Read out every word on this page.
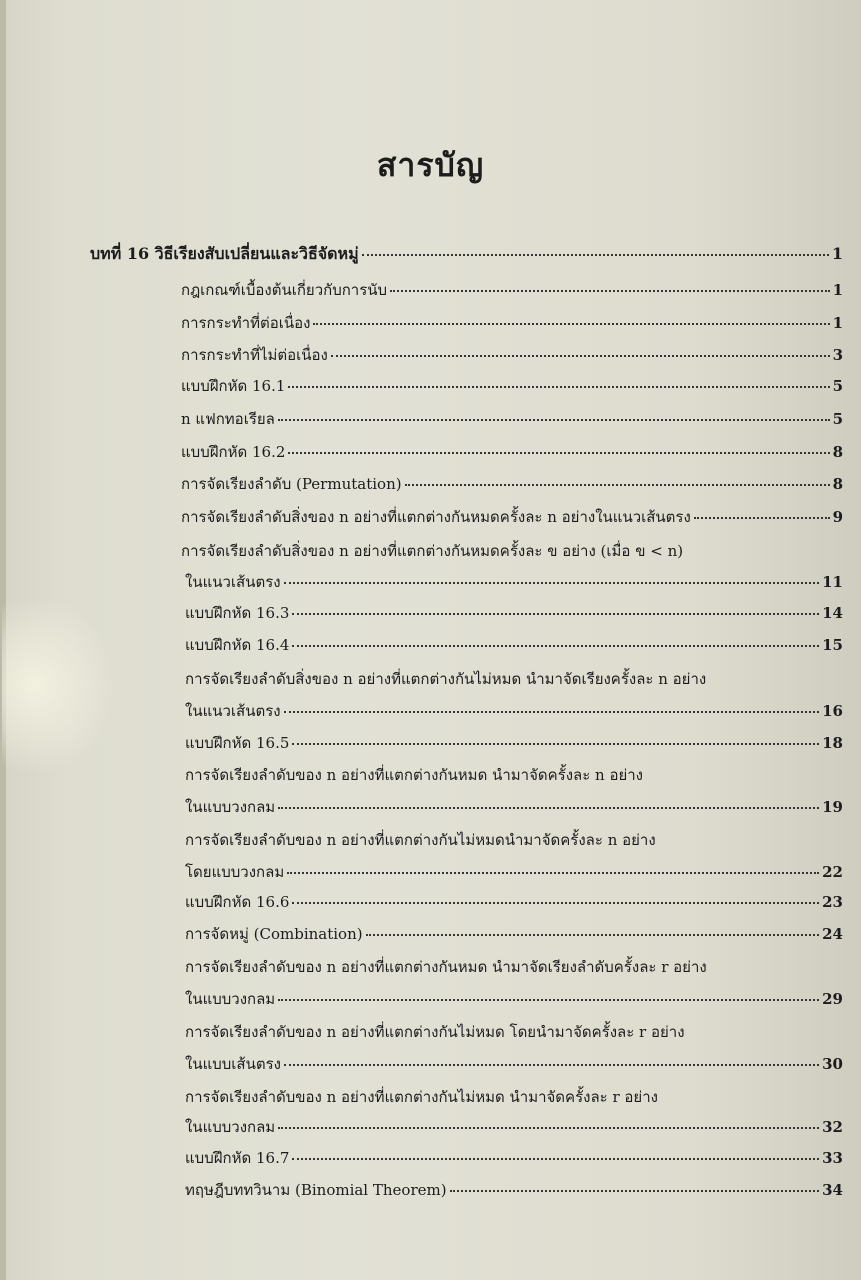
สารบัญ
บทที่ 16 วิธีเรียงสับเปลี่ยนและวิธีจัดหมู่	1
กฎเกณฑ์เบื้องต้นเกี่ยวกับการนับ	1
การกระทำที่ต่อเนื่อง	1
การกระทำที่ไม่ต่อเนื่อง	3
แบบฝึกหัด 16.1	5
n แฟกทอเรียล	5
แบบฝึกหัด 16.2	8
การจัดเรียงลำดับ (Permutation)	8
การจัดเรียงลำดับสิ่งของ n อย่างที่แตกต่างกันหมดครั้งละ n อย่างในแนวเส้นตรง	9
การจัดเรียงลำดับสิ่งของ n อย่างที่แตกต่างกันหมดครั้งละ ข อย่าง (เมื่อ ข < n)
ในแนวเส้นตรง	11
แบบฝึกหัด 16.3	14
แบบฝึกหัด 16.4	15
การจัดเรียงลำดับสิ่งของ n อย่างที่แตกต่างกันไม่หมด นำมาจัดเรียงครั้งละ n อย่าง
ในแนวเส้นตรง	16
แบบฝึกหัด 16.5	18
การจัดเรียงลำดับของ n อย่างที่แตกต่างกันหมด นำมาจัดครั้งละ n อย่าง
ในแบบวงกลม	19
การจัดเรียงลำดับของ n อย่างที่แตกต่างกันไม่หมดนำมาจัดครั้งละ n อย่าง
โดยแบบวงกลม	22
แบบฝึกหัด 16.6	23
การจัดหมู่ (Combination)	24
การจัดเรียงลำดับของ n อย่างที่แตกต่างกันหมด นำมาจัดเรียงลำดับครั้งละ r อย่าง
ในแบบวงกลม	29
การจัดเรียงลำดับของ n อย่างที่แตกต่างกันไม่หมด โดยนำมาจัดครั้งละ r อย่าง
ในแบบเส้นตรง	30
การจัดเรียงลำดับของ n อย่างที่แตกต่างกันไม่หมด นำมาจัดครั้งละ r อย่าง
ในแบบวงกลม	32
แบบฝึกหัด 16.7	33
ทฤษฎีบททวินาม (Binomial Theorem)	34
